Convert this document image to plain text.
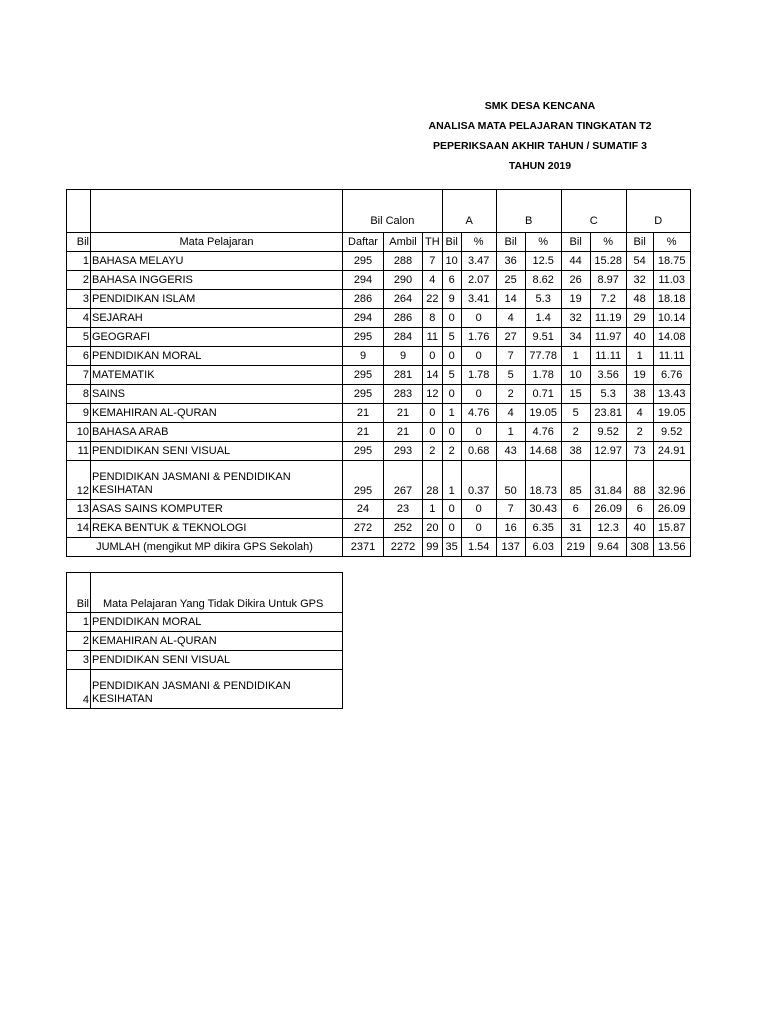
SMK DESA KENCANA
ANALISA MATA PELAJARAN TINGKATAN T2
PEPERIKSAAN AKHIR TAHUN / SUMATIF 3
TAHUN 2019
		Bil Calon			A		B		C		D	
Bil	Mata Pelajaran	Daftar	Ambil	TH	Bil	%	Bil	%	Bil	%	Bil	%
1	BAHASA MELAYU	295	288	7	10	3.47	36	12.5	44	15.28	54	18.75
2	BAHASA INGGERIS	294	290	4	6	2.07	25	8.62	26	8.97	32	11.03
3	PENDIDIKAN ISLAM	286	264	22	9	3.41	14	5.3	19	7.2	48	18.18
4	SEJARAH	294	286	8	0	0	4	1.4	32	11.19	29	10.14
5	GEOGRAFI	295	284	11	5	1.76	27	9.51	34	11.97	40	14.08
6	PENDIDIKAN MORAL	9	9	0	0	0	7	77.78	1	11.11	1	11.11
7	MATEMATIK	295	281	14	5	1.78	5	1.78	10	3.56	19	6.76
8	SAINS	295	283	12	0	0	2	0.71	15	5.3	38	13.43
9	KEMAHIRAN AL-QURAN	21	21	0	1	4.76	4	19.05	5	23.81	4	19.05
10	BAHASA ARAB	21	21	0	0	0	1	4.76	2	9.52	2	9.52
11	PENDIDIKAN SENI VISUAL	295	293	2	2	0.68	43	14.68	38	12.97	73	24.91
12	PENDIDIKAN JASMANI & PENDIDIKAN KESIHATAN	295	267	28	1	0.37	50	18.73	85	31.84	88	32.96
13	ASAS SAINS KOMPUTER	24	23	1	0	0	7	30.43	6	26.09	6	26.09
14	REKA BENTUK & TEKNOLOGI	272	252	20	0	0	16	6.35	31	12.3	40	15.87
JUMLAH (mengikut MP dikira GPS Sekolah)		2371	2272	99	35	1.54	137	6.03	219	9.64	308	13.56
Bil	Mata Pelajaran Yang Tidak Dikira Untuk GPS
1	PENDIDIKAN MORAL
2	KEMAHIRAN AL-QURAN
3	PENDIDIKAN SENI VISUAL
4	PENDIDIKAN JASMANI & PENDIDIKAN KESIHATAN
